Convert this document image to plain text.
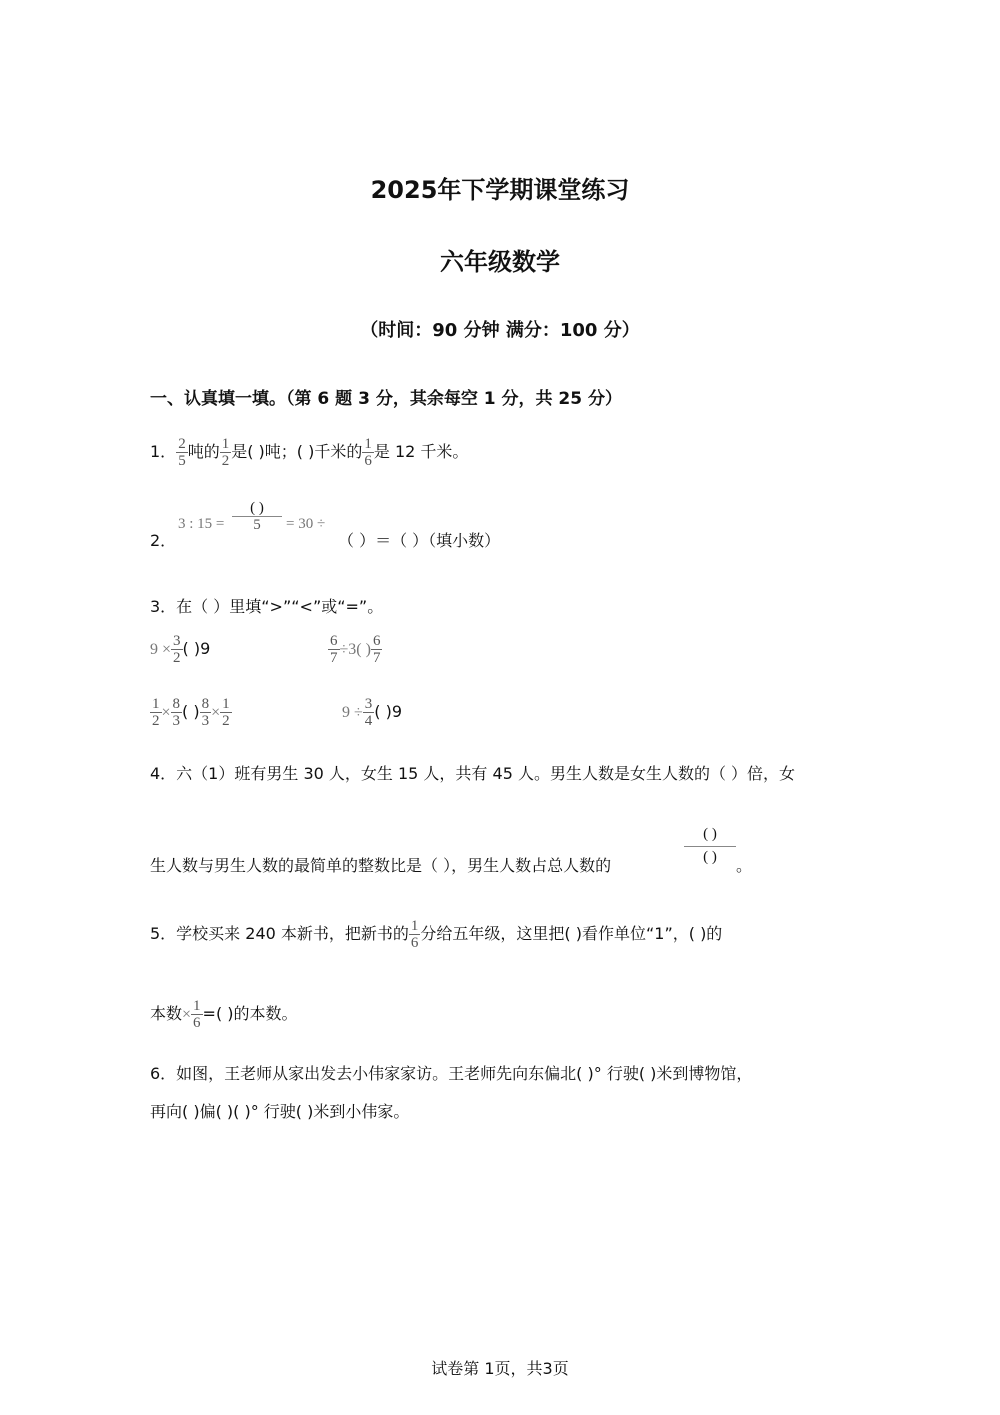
2025年下学期课堂练习
六年级数学
（时间：90 分钟 满分：100 分）
一、认真填一填。（第 6 题 3 分，其余每空 1 分，共 25 分）
1． $\frac{2}{5}$ 吨的 $\frac{1}{2}$ 是( )吨；( )千米的 $\frac{1}{6}$ 是 12 千米。
2．
3 : 15 =
( )
5	= 30 ÷
（ ）＝（ ）（填小数）
3．在（ ）里填“>”“<”或“=”。
$9 \times \frac{3}{2}$ ( )9	$\frac{6}{7} \div 3$( ) $\frac{6}{7}$
$\frac{1}{2} \times \frac{8}{3}$ ( ) $\frac{8}{3} \times \frac{1}{2}$	$9 \div \frac{3}{4}$ ( )9
4．六（1）班有男生 30 人，女生 15 人，共有 45 人。男生人数是女生人数的（ ）倍，女
生人数与男生人数的最简单的整数比是（ ），男生人数占总人数的
( )
( )	。
5．学校买来 240 本新书，把新书的 $\frac{1}{6}$ 分给五年级，这里把( )看作单位“1”，( )的
本数× $\frac{1}{6}$ =( )的本数。
6．如图，王老师从家出发去小伟家家访。王老师先向东偏北( )° 行驶( )米到博物馆，
再向( )偏( )( )° 行驶( )米到小伟家。
试卷第 1页，共3页
